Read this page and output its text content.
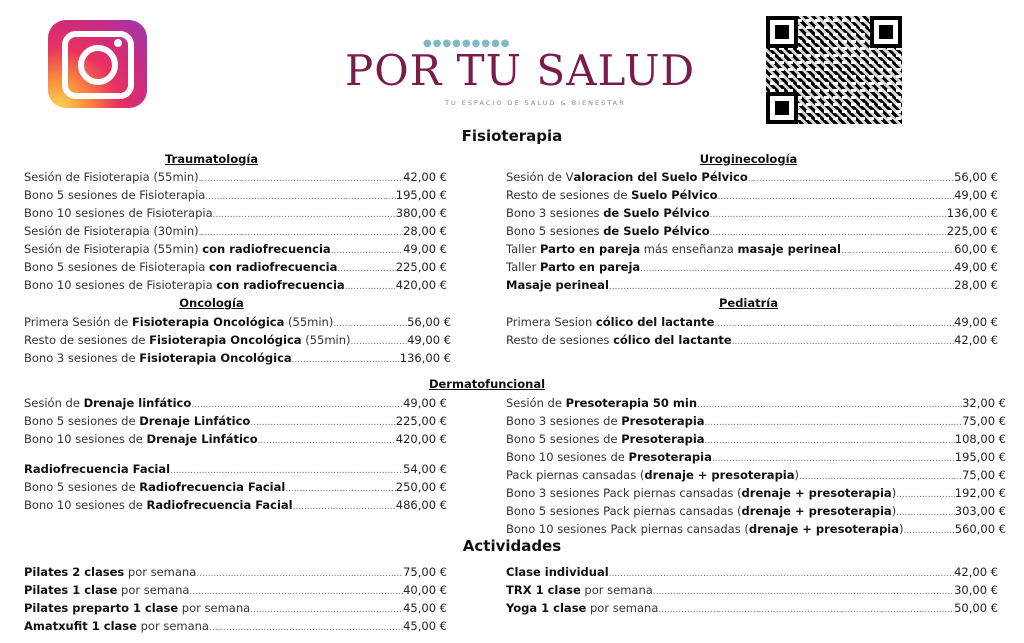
●●●●●●●●●
POR TU SALUD
TU ESPACIO DE SALUD & BIENESTAR
Fisioterapia
Traumatología
Sesión de Fisioterapia (55min) .....	42,00 €
Bono 5 sesiones de Fisioterapia .....	195,00 €
Bono 10 sesiones de Fisioterapia .....	380,00 €
Sesión de Fisioterapia (30min) .....	28,00 €
Sesión de Fisioterapia (55min) con radiofrecuencia .....	49,00 €
Bono 5 sesiones de Fisioterapia con radiofrecuencia .....	225,00 €
Bono 10 sesiones de Fisioterapia con radiofrecuencia .....	420,00 €
Uroginecología
Sesión de Valoracion del Suelo Pélvico .....	56,00 €
Resto de sesiones de Suelo Pélvico .....	49,00 €
Bono 3 sesiones de Suelo Pélvico .....	136,00 €
Bono 5 sesiones de Suelo Pélvico .....	225,00 €
Taller Parto en pareja más enseñanza masaje perineal .....	60,00 €
Taller Parto en pareja .....	49,00 €
Masaje perineal .....	28,00 €
Oncología
Primera Sesión de Fisioterapia Oncológica (55min) .....	56,00 €
Resto de sesiones de Fisioterapia Oncológica (55min) .....	49,00 €
Bono 3 sesiones de Fisioterapia Oncológica .....	136,00 €
Pediatría
Primera Sesion cólico del lactante .....	49,00 €
Resto de sesiones cólico del lactante .....	42,00 €
Dermatofuncional
Sesión de Drenaje linfático .....	49,00 €
Bono 5 sesiones de Drenaje Linfático .....	225,00 €
Bono 10 sesiones de Drenaje Linfático .....	420,00 €
Radiofrecuencia Facial .....	54,00 €
Bono 5 sesiones de Radiofrecuencia Facial .....	250,00 €
Bono 10 sesiones de Radiofrecuencia Facial .....	486,00 €
Sesión de Presoterapia 50 min .....	32,00 €
Bono 3 sesiones de Presoterapia .....	75,00 €
Bono 5 sesiones de Presoterapia .....	108,00 €
Bono 10 sesiones de Presoterapia .....	195,00 €
Pack piernas cansadas (drenaje + presoterapia) .....	75,00 €
Bono 3 sesiones Pack piernas cansadas (drenaje + presoterapia) .....	192,00 €
Bono 5 sesiones Pack piernas cansadas (drenaje + presoterapia) .....	303,00 €
Bono 10 sesiones Pack piernas cansadas (drenaje + presoterapia) .....	560,00 €
Actividades
Pilates 2 clases por semana .....	75,00 €
Pilates 1 clase por semana .....	40,00 €
Pilates preparto 1 clase por semana .....	45,00 €
Amatxufit 1 clase por semana .....	45,00 €
Clase individual .....	42,00 €
TRX 1 clase por semana .....	30,00 €
Yoga 1 clase por semana .....	50,00 €
